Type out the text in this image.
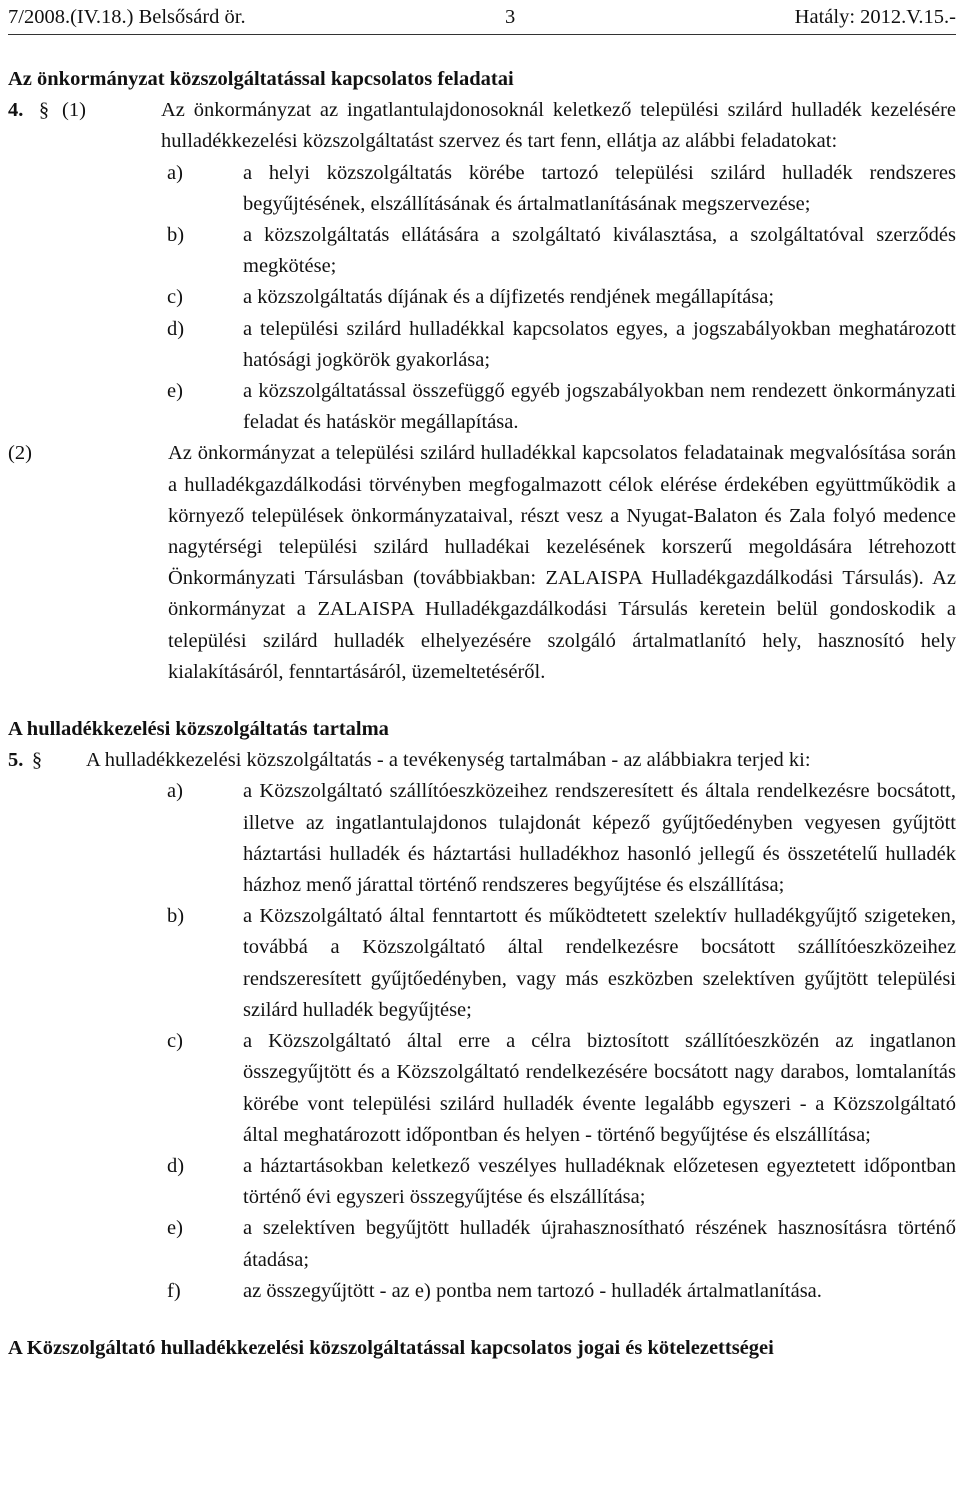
7/2008.(IV.18.) Belsősárd ör.	3	Hatály: 2012.V.15.-
Az önkormányzat közszolgáltatással kapcsolatos feladatai
4. § (1)	Az önkormányzat az ingatlantulajdonosoknál keletkező települési szilárd hulladék kezelésére hulladékkezelési közszolgáltatást szervez és tart fenn, ellátja az alábbi feladatokat:
a)	a helyi közszolgáltatás körébe tartozó települési szilárd hulladék rendszeres begyűjtésének, elszállításának és ártalmatlanításának megszervezése;
b)	a közszolgáltatás ellátására a szolgáltató kiválasztása, a szolgáltatóval szerződés megkötése;
c)	a közszolgáltatás díjának és a díjfizetés rendjének megállapítása;
d)	a települési szilárd hulladékkal kapcsolatos egyes, a jogszabályokban meghatározott hatósági jogkörök gyakorlása;
e)	a közszolgáltatással összefüggő egyéb jogszabályokban nem rendezett önkormányzati feladat és hatáskör megállapítása.
(2)	Az önkormányzat a települési szilárd hulladékkal kapcsolatos feladatainak megvalósítása során a hulladékgazdálkodási törvényben megfogalmazott célok elérése érdekében együttműködik a környező települések önkormányzataival, részt vesz a Nyugat-Balaton és Zala folyó medence nagytérségi települési szilárd hulladékai kezelésének korszerű megoldására létrehozott Önkormányzati Társulásban (továbbiakban: ZALAISPA Hulladékgazdálkodási Társulás). Az önkormányzat a ZALAISPA Hulladékgazdálkodási Társulás keretein belül gondoskodik a települési szilárd hulladék elhelyezésére szolgáló ártalmatlanító hely, hasznosító hely kialakításáról, fenntartásáról, üzemeltetéséről.
A hulladékkezelési közszolgáltatás tartalma
5. § A hulladékkezelési közszolgáltatás - a tevékenység tartalmában - az alábbiakra terjed ki:
a)	a Közszolgáltató szállítóeszközeihez rendszeresített és általa rendelkezésre bocsátott, illetve az ingatlantulajdonos tulajdonát képező gyűjtőedényben vegyesen gyűjtött háztartási hulladék és háztartási hulladékhoz hasonló jellegű és összetételű hulladék házhoz menő járattal történő rendszeres begyűjtése és elszállítása;
b)	a Közszolgáltató által fenntartott és működtetett szelektív hulladékgyűjtő szigeteken, továbbá a Közszolgáltató által rendelkezésre bocsátott szállítóeszközeihez rendszeresített gyűjtőedényben, vagy más eszközben szelektíven gyűjtött települési szilárd hulladék begyűjtése;
c)	a Közszolgáltató által erre a célra biztosított szállítóeszközén az ingatlanon összegyűjtött és a Közszolgáltató rendelkezésére bocsátott nagy darabos, lomtalanítás körébe vont települési szilárd hulladék évente legalább egyszeri - a Közszolgáltató által meghatározott időpontban és helyen - történő begyűjtése és elszállítása;
d)	a háztartásokban keletkező veszélyes hulladéknak előzetesen egyeztetett időpontban történő évi egyszeri összegyűjtése és elszállítása;
e)	a szelektíven begyűjtött hulladék újrahasznosítható részének hasznosításra történő átadása;
f)	az összegyűjtött - az e) pontba nem tartozó - hulladék ártalmatlanítása.
A Közszolgáltató hulladékkezelési közszolgáltatással kapcsolatos jogai és kötelezettségei
